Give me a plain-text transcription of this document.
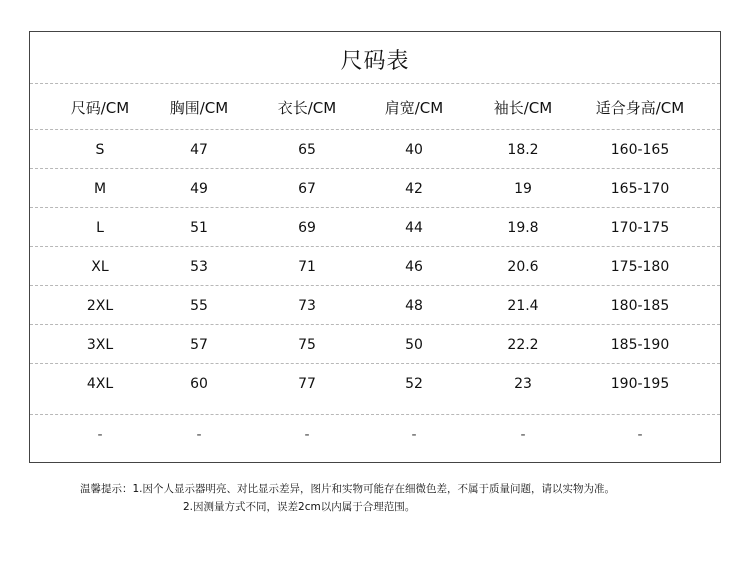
尺码表
尺码/CM	胸围/CM	衣长/CM	肩宽/CM	袖长/CM	适合身高/CM
S	47	65	40	18.2	160-165
M	49	67	42	19	165-170
L	51	69	44	19.8	170-175
XL	53	71	46	20.6	175-180
2XL	55	73	48	21.4	180-185
3XL	57	75	50	22.2	185-190
4XL	60	77	52	23	190-195
-	-	-	-	-	-
温馨提示：1.因个人显示器明亮、对比显示差异，图片和实物可能存在细微色差，不属于质量问题，请以实物为准。
2.因测量方式不同，误差2cm以内属于合理范围。
